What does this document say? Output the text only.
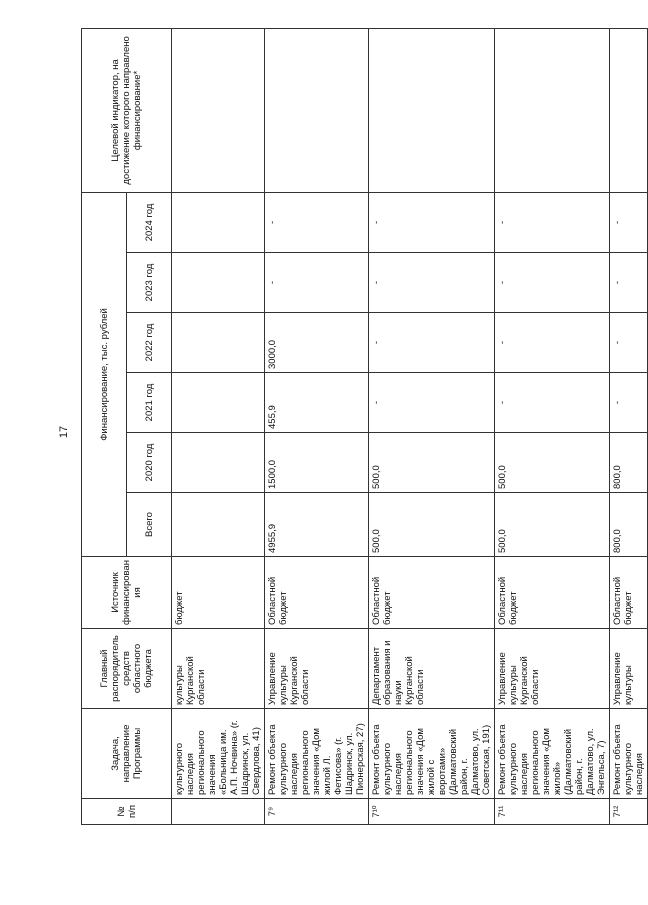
17
№ п/п	Задача, направление Программы	Главный распорядитель средств областного бюджета	Источник финансирования	Финансирование, тыс. рублей						Целевой индикатор, на достижение которого направлено финансирование*
				Всего	2020 год	2021 год	2022 год	2023 год	2024 год	
	культурного наследия регионального значения «Больница им. А.П. Ночвина» (г. Шадринск, ул. Свердлова, 41)	культуры Курганской области	бюджет							
7⁹	Ремонт объекта культурного наследия регионального значения «Дом жилой Л. Фетисова» (г. Шадринск, ул. Пионерская, 27)	Управление культуры Курганской области	Областной бюджет	4955,9	1500,0	455,9	3000,0	-	-	
7¹⁰	Ремонт объекта культурного наследия регионального значения «Дом жилой с воротами» (Далматовский район, г. Далматово, ул. Советская, 191)	Департамент образования и науки Курганской области	Областной бюджет	500,0	500,0	-	-	-	-	
7¹¹	Ремонт объекта культурного наследия регионального значения «Дом жилой» (Далматовский район, г. Далматово, ул. Энгельса, 7)	Управление культуры Курганской области	Областной бюджет	500,0	500,0	-	-	-	-	
7¹²	Ремонт объекта культурного наследия	Управление культуры	Областной бюджет	800,0	800,0	-	-	-	-	
